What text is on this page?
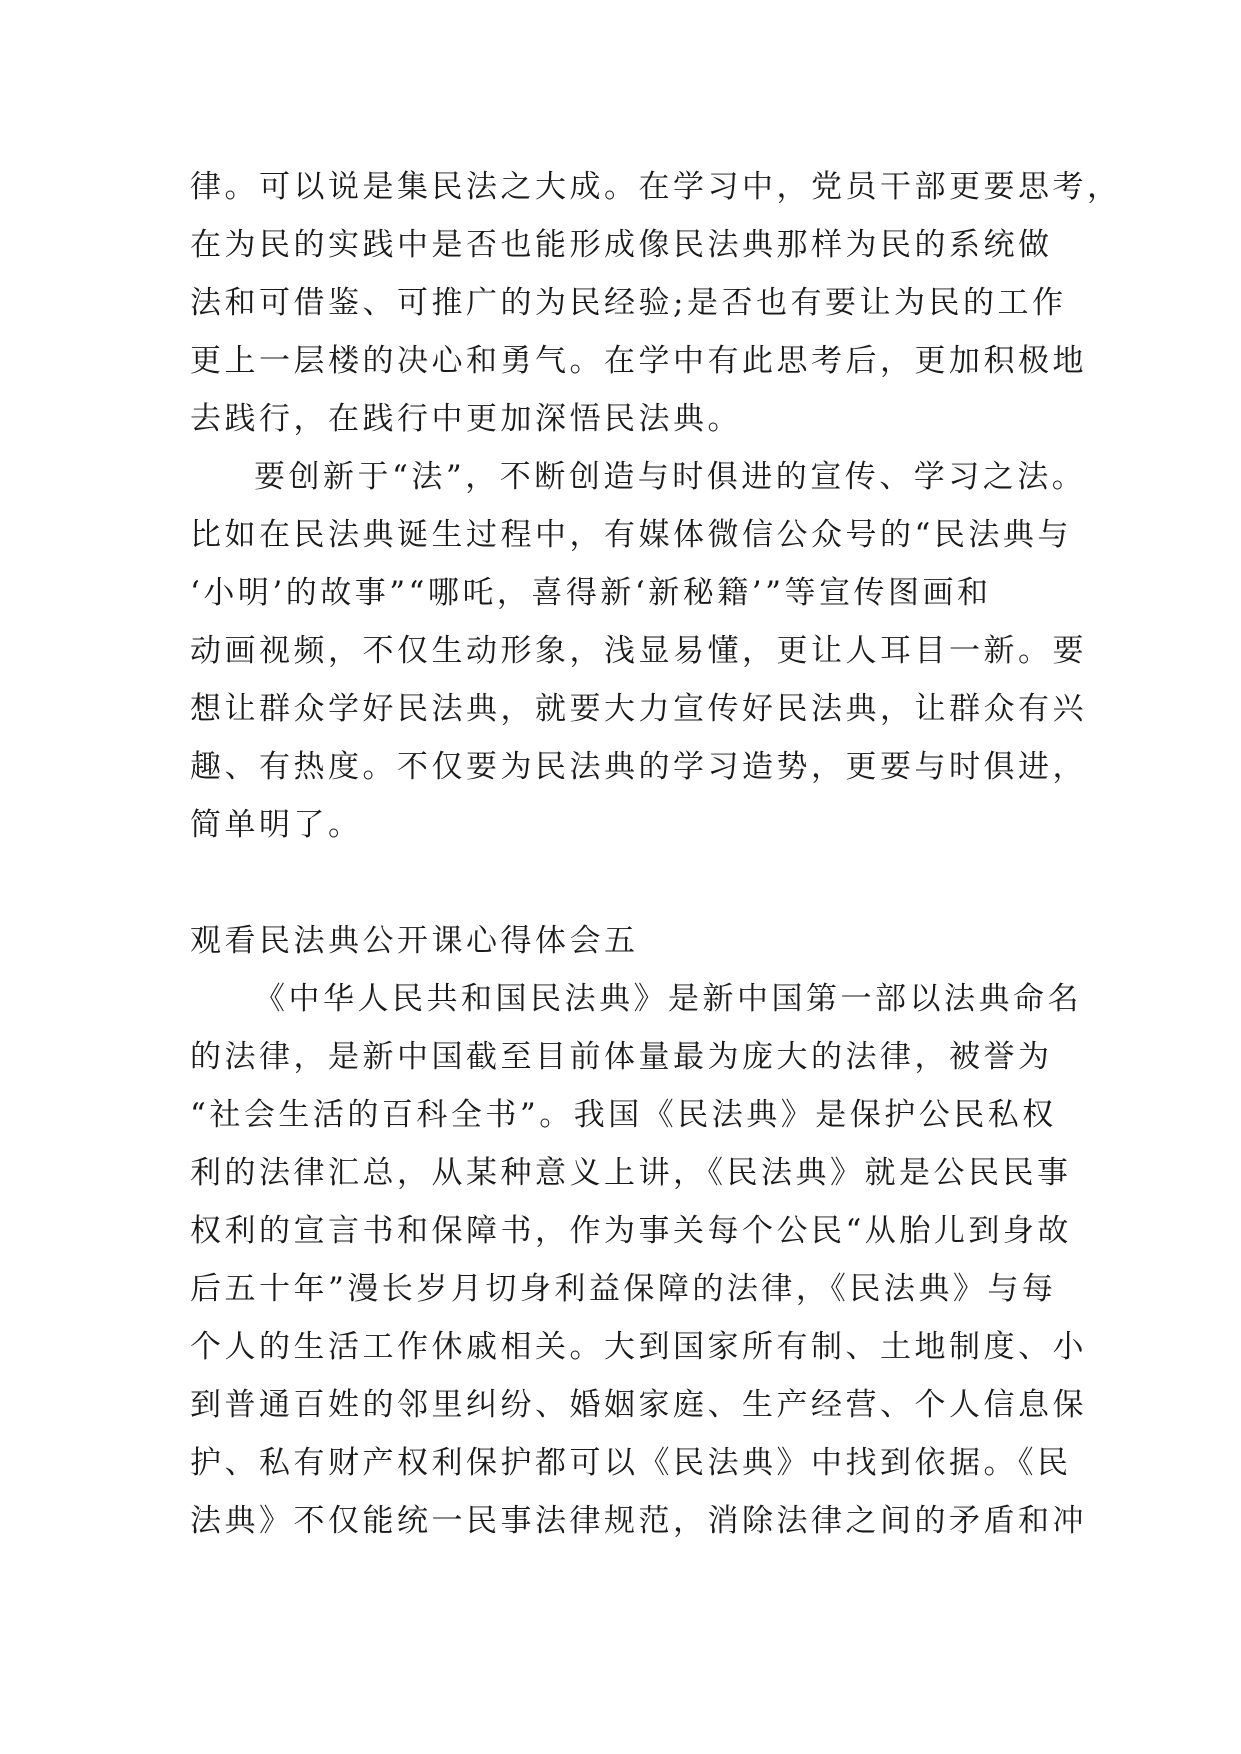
律。可以说是集民法之大成。在学习中，党员干部更要思考，
在为民的实践中是否也能形成像民法典那样为民的系统做
法和可借鉴、可推广的为民经验;是否也有要让为民的工作
更上一层楼的决心和勇气。在学中有此思考后，更加积极地
去践行，在践行中更加深悟民法典。
要创新于“法”，不断创造与时俱进的宣传、学习之法。
比如在民法典诞生过程中，有媒体微信公众号的“民法典与
‘小明’的故事”“哪吒，喜得新‘新秘籍’”等宣传图画和
动画视频，不仅生动形象，浅显易懂，更让人耳目一新。要
想让群众学好民法典，就要大力宣传好民法典，让群众有兴
趣、有热度。不仅要为民法典的学习造势，更要与时俱进，
简单明了。
观看民法典公开课心得体会五
《中华人民共和国民法典》是新中国第一部以法典命名
的法律，是新中国截至目前体量最为庞大的法律，被誉为
“社会生活的百科全书”。我国《民法典》是保护公民私权
利的法律汇总，从某种意义上讲，《民法典》就是公民民事
权利的宣言书和保障书，作为事关每个公民“从胎儿到身故
后五十年”漫长岁月切身利益保障的法律，《民法典》与每
个人的生活工作休戚相关。大到国家所有制、土地制度、小
到普通百姓的邻里纠纷、婚姻家庭、生产经营、个人信息保
护、私有财产权利保护都可以《民法典》中找到依据。《民
法典》不仅能统一民事法律规范，消除法律之间的矛盾和冲
